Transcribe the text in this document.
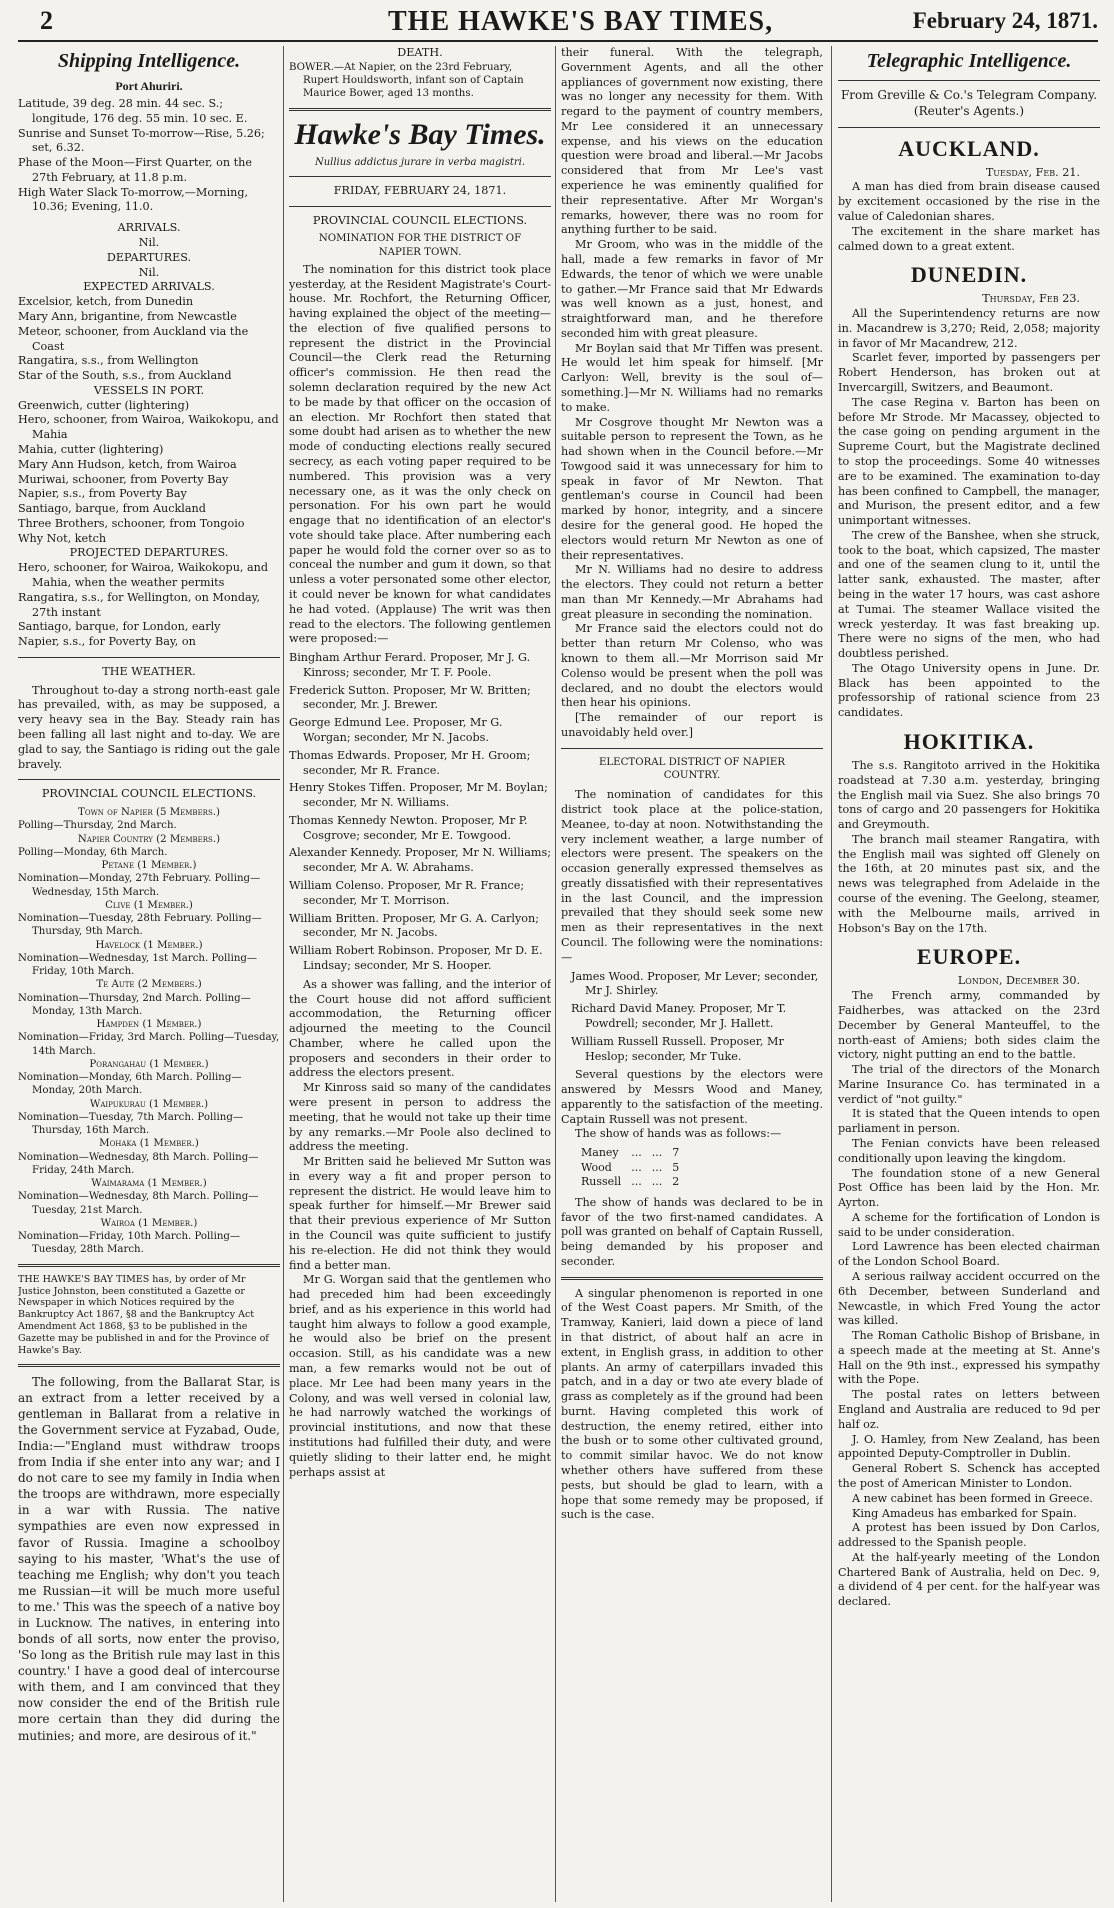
2	THE HAWKE'S BAY TIMES,	February 24, 1871.
Shipping Intelligence.
Port Ahuriri.
Latitude, 39 deg. 28 min. 44 sec. S.; longitude, 176 deg. 55 min. 10 sec. E.
Sunrise and Sunset To-morrow—Rise, 5.26; set, 6.32.
Phase of the Moon—First Quarter, on the 27th February, at 11.8 p.m.
High Water Slack To-morrow,—Morning, 10.36; Evening, 11.0.
ARRIVALS.
Nil.
DEPARTURES.
Nil.
EXPECTED ARRIVALS.
Excelsior, ketch, from Dunedin
Mary Ann, brigantine, from Newcastle
Meteor, schooner, from Auckland via the Coast
Rangatira, s.s., from Wellington
Star of the South, s.s., from Auckland
VESSELS IN PORT.
Greenwich, cutter (lightering)
Hero, schooner, from Wairoa, Waikokopu, and Mahia
Mahia, cutter (lightering)
Mary Ann Hudson, ketch, from Wairoa
Muriwai, schooner, from Poverty Bay
Napier, s.s., from Poverty Bay
Santiago, barque, from Auckland
Three Brothers, schooner, from Tongoio
Why Not, ketch
PROJECTED DEPARTURES.
Hero, schooner, for Wairoa, Waikokopu, and Mahia, when the weather permits
Rangatira, s.s., for Wellington, on Monday, 27th instant
Santiago, barque, for London, early
Napier, s.s., for Poverty Bay, on
THE WEATHER.
Throughout to-day a strong north-east gale has prevailed, with, as may be supposed, a very heavy sea in the Bay. Steady rain has been falling all last night and to-day. We are glad to say, the Santiago is riding out the gale bravely.
PROVINCIAL COUNCIL ELECTIONS.
Town of Napier (5 Members.)
Polling—Thursday, 2nd March.
Napier Country (2 Members.)
Polling—Monday, 6th March.
Petane (1 Member.)
Nomination—Monday, 27th February. Polling—Wednesday, 15th March.
Clive (1 Member.)
Nomination—Tuesday, 28th February. Polling—Thursday, 9th March.
Havelock (1 Member.)
Nomination—Wednesday, 1st March. Polling—Friday, 10th March.
Te Aute (2 Members.)
Nomination—Thursday, 2nd March. Polling—Monday, 13th March.
Hampden (1 Member.)
Nomination—Friday, 3rd March. Polling—Tuesday, 14th March.
Porangahau (1 Member.)
Nomination—Monday, 6th March. Polling—Monday, 20th March.
Waipukurau (1 Member.)
Nomination—Tuesday, 7th March. Polling—Thursday, 16th March.
Mohaka (1 Member.)
Nomination—Wednesday, 8th March. Polling—Friday, 24th March.
Waimarama (1 Member.)
Nomination—Wednesday, 8th March. Polling—Tuesday, 21st March.
Wairoa (1 Member.)
Nomination—Friday, 10th March. Polling—Tuesday, 28th March.
THE HAWKE'S BAY TIMES has, by order of Mr Justice Johnston, been constituted a Gazette or Newspaper in which Notices required by the Bankruptcy Act 1867, §8 and the Bankruptcy Act Amendment Act 1868, §3 to be published in the Gazette may be published in and for the Province of Hawke's Bay.
The following, from the Ballarat Star, is an extract from a letter received by a gentleman in Ballarat from a relative in the Government service at Fyzabad, Oude, India:—"England must withdraw troops from India if she enter into any war; and I do not care to see my family in India when the troops are withdrawn, more especially in a war with Russia. The native sympathies are even now expressed in favor of Russia. Imagine a schoolboy saying to his master, 'What's the use of teaching me English; why don't you teach me Russian—it will be much more useful to me.' This was the speech of a native boy in Lucknow. The natives, in entering into bonds of all sorts, now enter the proviso, 'So long as the British rule may last in this country.' I have a good deal of intercourse with them, and I am convinced that they now consider the end of the British rule more certain than they did during the mutinies; and more, are desirous of it."
DEATH.
BOWER.—At Napier, on the 23rd February, Rupert Houldsworth, infant son of Captain Maurice Bower, aged 13 months.
Hawke's Bay Times.
Nullius addictus jurare in verba magistri.
FRIDAY, FEBRUARY 24, 1871.
PROVINCIAL COUNCIL ELECTIONS.
NOMINATION FOR THE DISTRICT OF NAPIER TOWN.
The nomination for this district took place yesterday, at the Resident Magistrate's Court-house. Mr. Rochfort, the Returning Officer, having explained the object of the meeting—the election of five qualified persons to represent the district in the Provincial Council—the Clerk read the Returning officer's commission. He then read the solemn declaration required by the new Act to be made by that officer on the occasion of an election. Mr Rochfort then stated that some doubt had arisen as to whether the new mode of conducting elections really secured secrecy, as each voting paper required to be numbered. This provision was a very necessary one, as it was the only check on personation. For his own part he would engage that no identification of an elector's vote should take place. After numbering each paper he would fold the corner over so as to conceal the number and gum it down, so that unless a voter personated some other elector, it could never be known for what candidates he had voted. (Applause) The writ was then read to the electors. The following gentlemen were proposed:—
Bingham Arthur Ferard. Proposer, Mr J. G. Kinross; seconder, Mr T. F. Poole.
Frederick Sutton. Proposer, Mr W. Britten; seconder, Mr. J. Brewer.
George Edmund Lee. Proposer, Mr G. Worgan; seconder, Mr N. Jacobs.
Thomas Edwards. Proposer, Mr H. Groom; seconder, Mr R. France.
Henry Stokes Tiffen. Proposer, Mr M. Boylan; seconder, Mr N. Williams.
Thomas Kennedy Newton. Proposer, Mr P. Cosgrove; seconder, Mr E. Towgood.
Alexander Kennedy. Proposer, Mr N. Williams; seconder, Mr A. W. Abrahams.
William Colenso. Proposer, Mr R. France; seconder, Mr T. Morrison.
William Britten. Proposer, Mr G. A. Carlyon; seconder, Mr N. Jacobs.
William Robert Robinson. Proposer, Mr D. E. Lindsay; seconder, Mr S. Hooper.
As a shower was falling, and the interior of the Court house did not afford sufficient accommodation, the Returning officer adjourned the meeting to the Council Chamber, where he called upon the proposers and seconders in their order to address the electors present.
Mr Kinross said so many of the candidates were present in person to address the meeting, that he would not take up their time by any remarks.—Mr Poole also declined to address the meeting.
Mr Britten said he believed Mr Sutton was in every way a fit and proper person to represent the district. He would leave him to speak further for himself.—Mr Brewer said that their previous experience of Mr Sutton in the Council was quite sufficient to justify his re-election. He did not think they would find a better man.
Mr G. Worgan said that the gentlemen who had preceded him had been exceedingly brief, and as his experience in this world had taught him always to follow a good example, he would also be brief on the present occasion. Still, as his candidate was a new man, a few remarks would not be out of place. Mr Lee had been many years in the Colony, and was well versed in colonial law, he had narrowly watched the workings of provincial institutions, and now that these institutions had fulfilled their duty, and were quietly sliding to their latter end, he might perhaps assist at
their funeral. With the telegraph, Government Agents, and all the other appliances of government now existing, there was no longer any necessity for them. With regard to the payment of country members, Mr Lee considered it an unnecessary expense, and his views on the education question were broad and liberal.—Mr Jacobs considered that from Mr Lee's vast experience he was eminently qualified for their representative. After Mr Worgan's remarks, however, there was no room for anything further to be said.
Mr Groom, who was in the middle of the hall, made a few remarks in favor of Mr Edwards, the tenor of which we were unable to gather.—Mr France said that Mr Edwards was well known as a just, honest, and straightforward man, and he therefore seconded him with great pleasure.
Mr Boylan said that Mr Tiffen was present. He would let him speak for himself. [Mr Carlyon: Well, brevity is the soul of—something.]—Mr N. Williams had no remarks to make.
Mr Cosgrove thought Mr Newton was a suitable person to represent the Town, as he had shown when in the Council before.—Mr Towgood said it was unnecessary for him to speak in favor of Mr Newton. That gentleman's course in Council had been marked by honor, integrity, and a sincere desire for the general good. He hoped the electors would return Mr Newton as one of their representatives.
Mr N. Williams had no desire to address the electors. They could not return a better man than Mr Kennedy.—Mr Abrahams had great pleasure in seconding the nomination.
Mr France said the electors could not do better than return Mr Colenso, who was known to them all.—Mr Morrison said Mr Colenso would be present when the poll was declared, and no doubt the electors would then hear his opinions.
[The remainder of our report is unavoidably held over.]
ELECTORAL DISTRICT OF NAPIER COUNTRY.
The nomination of candidates for this district took place at the police-station, Meanee, to-day at noon. Notwithstanding the very inclement weather, a large number of electors were present. The speakers on the occasion generally expressed themselves as greatly dissatisfied with their representatives in the last Council, and the impression prevailed that they should seek some new men as their representatives in the next Council. The following were the nominations:—
James Wood. Proposer, Mr Lever; seconder, Mr J. Shirley.
Richard David Maney. Proposer, Mr T. Powdrell; seconder, Mr J. Hallett.
William Russell Russell. Proposer, Mr Heslop; seconder, Mr Tuke.
Several questions by the electors were answered by Messrs Wood and Maney, apparently to the satisfaction of the meeting. Captain Russell was not present.
The show of hands was as follows:—
Maney	...	...	7
Wood	...	...	5
Russell	...	...	2
The show of hands was declared to be in favor of the two first-named candidates. A poll was granted on behalf of Captain Russell, being demanded by his proposer and seconder.
A singular phenomenon is reported in one of the West Coast papers. Mr Smith, of the Tramway, Kanieri, laid down a piece of land in that district, of about half an acre in extent, in English grass, in addition to other plants. An army of caterpillars invaded this patch, and in a day or two ate every blade of grass as completely as if the ground had been burnt. Having completed this work of destruction, the enemy retired, either into the bush or to some other cultivated ground, to commit similar havoc. We do not know whether others have suffered from these pests, but should be glad to learn, with a hope that some remedy may be proposed, if such is the case.
Telegraphic Intelligence.
From Greville & Co.'s Telegram Company. (Reuter's Agents.)
AUCKLAND.
Tuesday, Feb. 21.
A man has died from brain disease caused by excitement occasioned by the rise in the value of Caledonian shares.
The excitement in the share market has calmed down to a great extent.
DUNEDIN.
Thursday, Feb 23.
All the Superintendency returns are now in. Macandrew is 3,270; Reid, 2,058; majority in favor of Mr Macandrew, 212.
Scarlet fever, imported by passengers per Robert Henderson, has broken out at Invercargill, Switzers, and Beaumont.
The case Regina v. Barton has been on before Mr Strode. Mr Macassey, objected to the case going on pending argument in the Supreme Court, but the Magistrate declined to stop the proceedings. Some 40 witnesses are to be examined. The examination to-day has been confined to Campbell, the manager, and Murison, the present editor, and a few unimportant witnesses.
The crew of the Banshee, when she struck, took to the boat, which capsized, The master and one of the seamen clung to it, until the latter sank, exhausted. The master, after being in the water 17 hours, was cast ashore at Tumai. The steamer Wallace visited the wreck yesterday. It was fast breaking up. There were no signs of the men, who had doubtless perished.
The Otago University opens in June. Dr. Black has been appointed to the professorship of rational science from 23 candidates.
HOKITIKA.
The s.s. Rangitoto arrived in the Hokitika roadstead at 7.30 a.m. yesterday, bringing the English mail via Suez. She also brings 70 tons of cargo and 20 passengers for Hokitika and Greymouth.
The branch mail steamer Rangatira, with the English mail was sighted off Glenely on the 16th, at 20 minutes past six, and the news was telegraphed from Adelaide in the course of the evening. The Geelong, steamer, with the Melbourne mails, arrived in Hobson's Bay on the 17th.
EUROPE.
London, December 30.
The French army, commanded by Faidherbes, was attacked on the 23rd December by General Manteuffel, to the north-east of Amiens; both sides claim the victory, night putting an end to the battle.
The trial of the directors of the Monarch Marine Insurance Co. has terminated in a verdict of "not guilty."
It is stated that the Queen intends to open parliament in person.
The Fenian convicts have been released conditionally upon leaving the kingdom.
The foundation stone of a new General Post Office has been laid by the Hon. Mr. Ayrton.
A scheme for the fortification of London is said to be under consideration.
Lord Lawrence has been elected chairman of the London School Board.
A serious railway accident occurred on the 6th December, between Sunderland and Newcastle, in which Fred Young the actor was killed.
The Roman Catholic Bishop of Brisbane, in a speech made at the meeting at St. Anne's Hall on the 9th inst., expressed his sympathy with the Pope.
The postal rates on letters between England and Australia are reduced to 9d per half oz.
J. O. Hamley, from New Zealand, has been appointed Deputy-Comptroller in Dublin.
General Robert S. Schenck has accepted the post of American Minister to London.
A new cabinet has been formed in Greece.
King Amadeus has embarked for Spain.
A protest has been issued by Don Carlos, addressed to the Spanish people.
At the half-yearly meeting of the London Chartered Bank of Australia, held on Dec. 9, a dividend of 4 per cent. for the half-year was declared.
